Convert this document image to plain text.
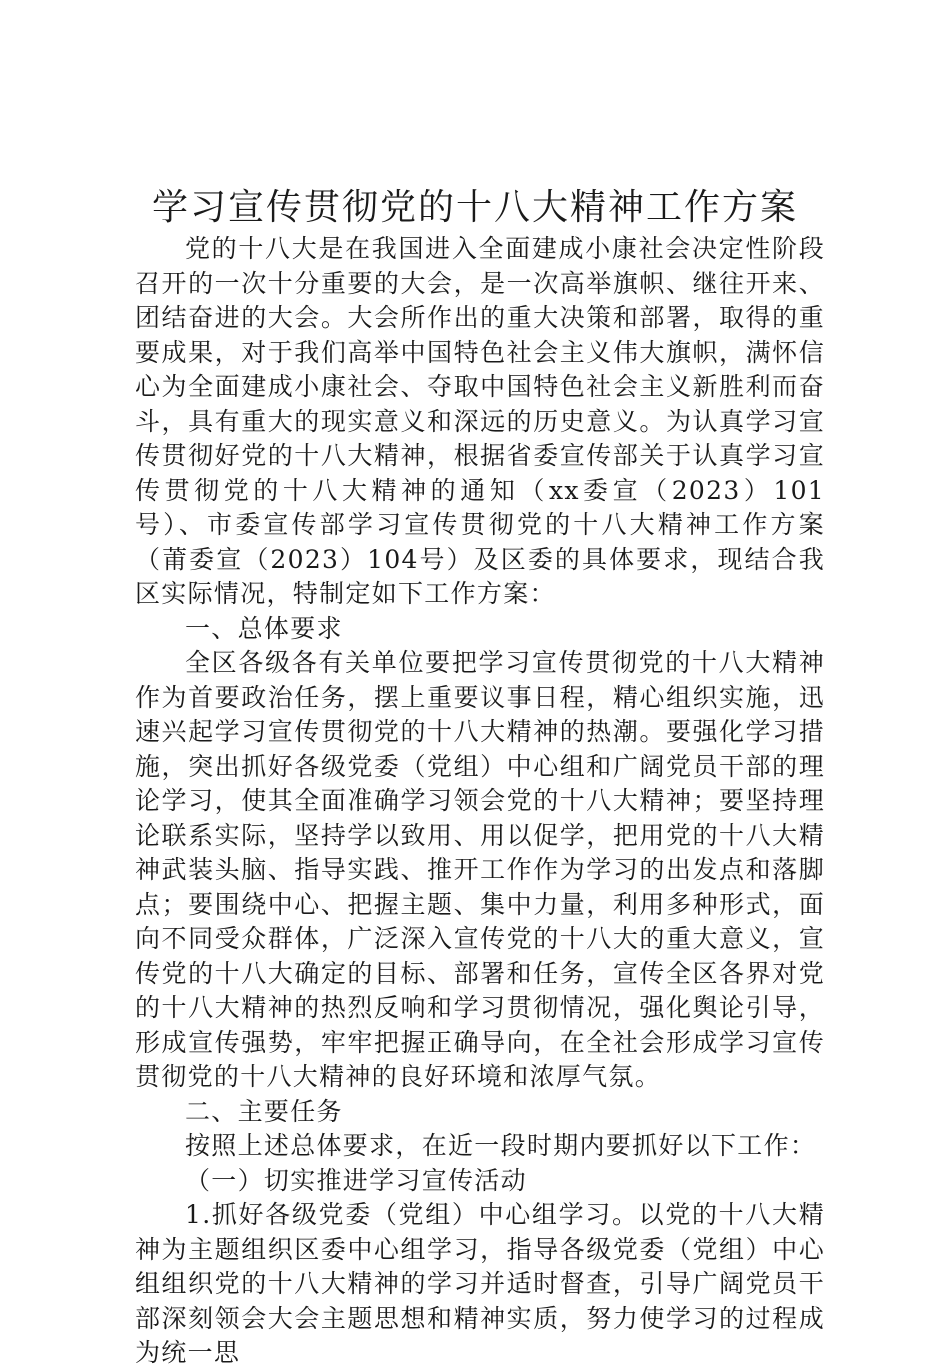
学习宣传贯彻党的十八大精神工作方案

党的十八大是在我国进入全面建成小康社会决定性阶段召开的一次十分重要的大会，是一次高举旗帜、继往开来、团结奋进的大会。大会所作出的重大决策和部署，取得的重要成果，对于我们高举中国特色社会主义伟大旗帜，满怀信心为全面建成小康社会、夺取中国特色社会主义新胜利而奋斗，具有重大的现实意义和深远的历史意义。为认真学习宣传贯彻好党的十八大精神，根据省委宣传部关于认真学习宣传贯彻党的十八大精神的通知（xx委宣（2023）101号）、市委宣传部学习宣传贯彻党的十八大精神工作方案（莆委宣（2023）104号）及区委的具体要求，现结合我区实际情况，特制定如下工作方案：

一、总体要求

全区各级各有关单位要把学习宣传贯彻党的十八大精神作为首要政治任务，摆上重要议事日程，精心组织实施，迅速兴起学习宣传贯彻党的十八大精神的热潮。要强化学习措施，突出抓好各级党委（党组）中心组和广阔党员干部的理论学习，使其全面准确学习领会党的十八大精神；要坚持理论联系实际，坚持学以致用、用以促学，把用党的十八大精神武装头脑、指导实践、推开工作作为学习的出发点和落脚点；要围绕中心、把握主题、集中力量，利用多种形式，面向不同受众群体，广泛深入宣传党的十八大的重大意义，宣传党的十八大确定的目标、部署和任务，宣传全区各界对党的十八大精神的热烈反响和学习贯彻情况，强化舆论引导，形成宣传强势，牢牢把握正确导向，在全社会形成学习宣传贯彻党的十八大精神的良好环境和浓厚气氛。

二、主要任务

按照上述总体要求，在近一段时期内要抓好以下工作：

（一）切实推进学习宣传活动

1.抓好各级党委（党组）中心组学习。以党的十八大精神为主题组织区委中心组学习，指导各级党委（党组）中心组组织党的十八大精神的学习并适时督查，引导广阔党员干部深刻领会大会主题思想和精神实质，努力使学习的过程成为统一思
